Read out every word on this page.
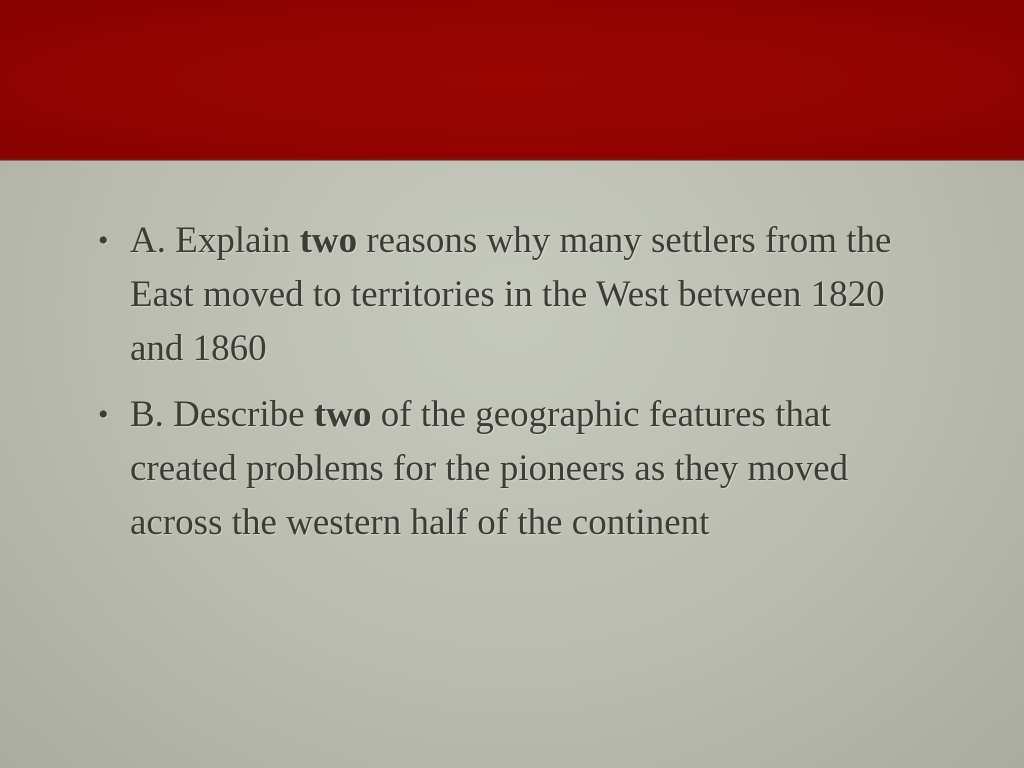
• A. Explain two reasons why many settlers from the East moved to territories in the West between 1820 and 1860
• B. Describe two of the geographic features that created problems for the pioneers as they moved across the western half of the continent
